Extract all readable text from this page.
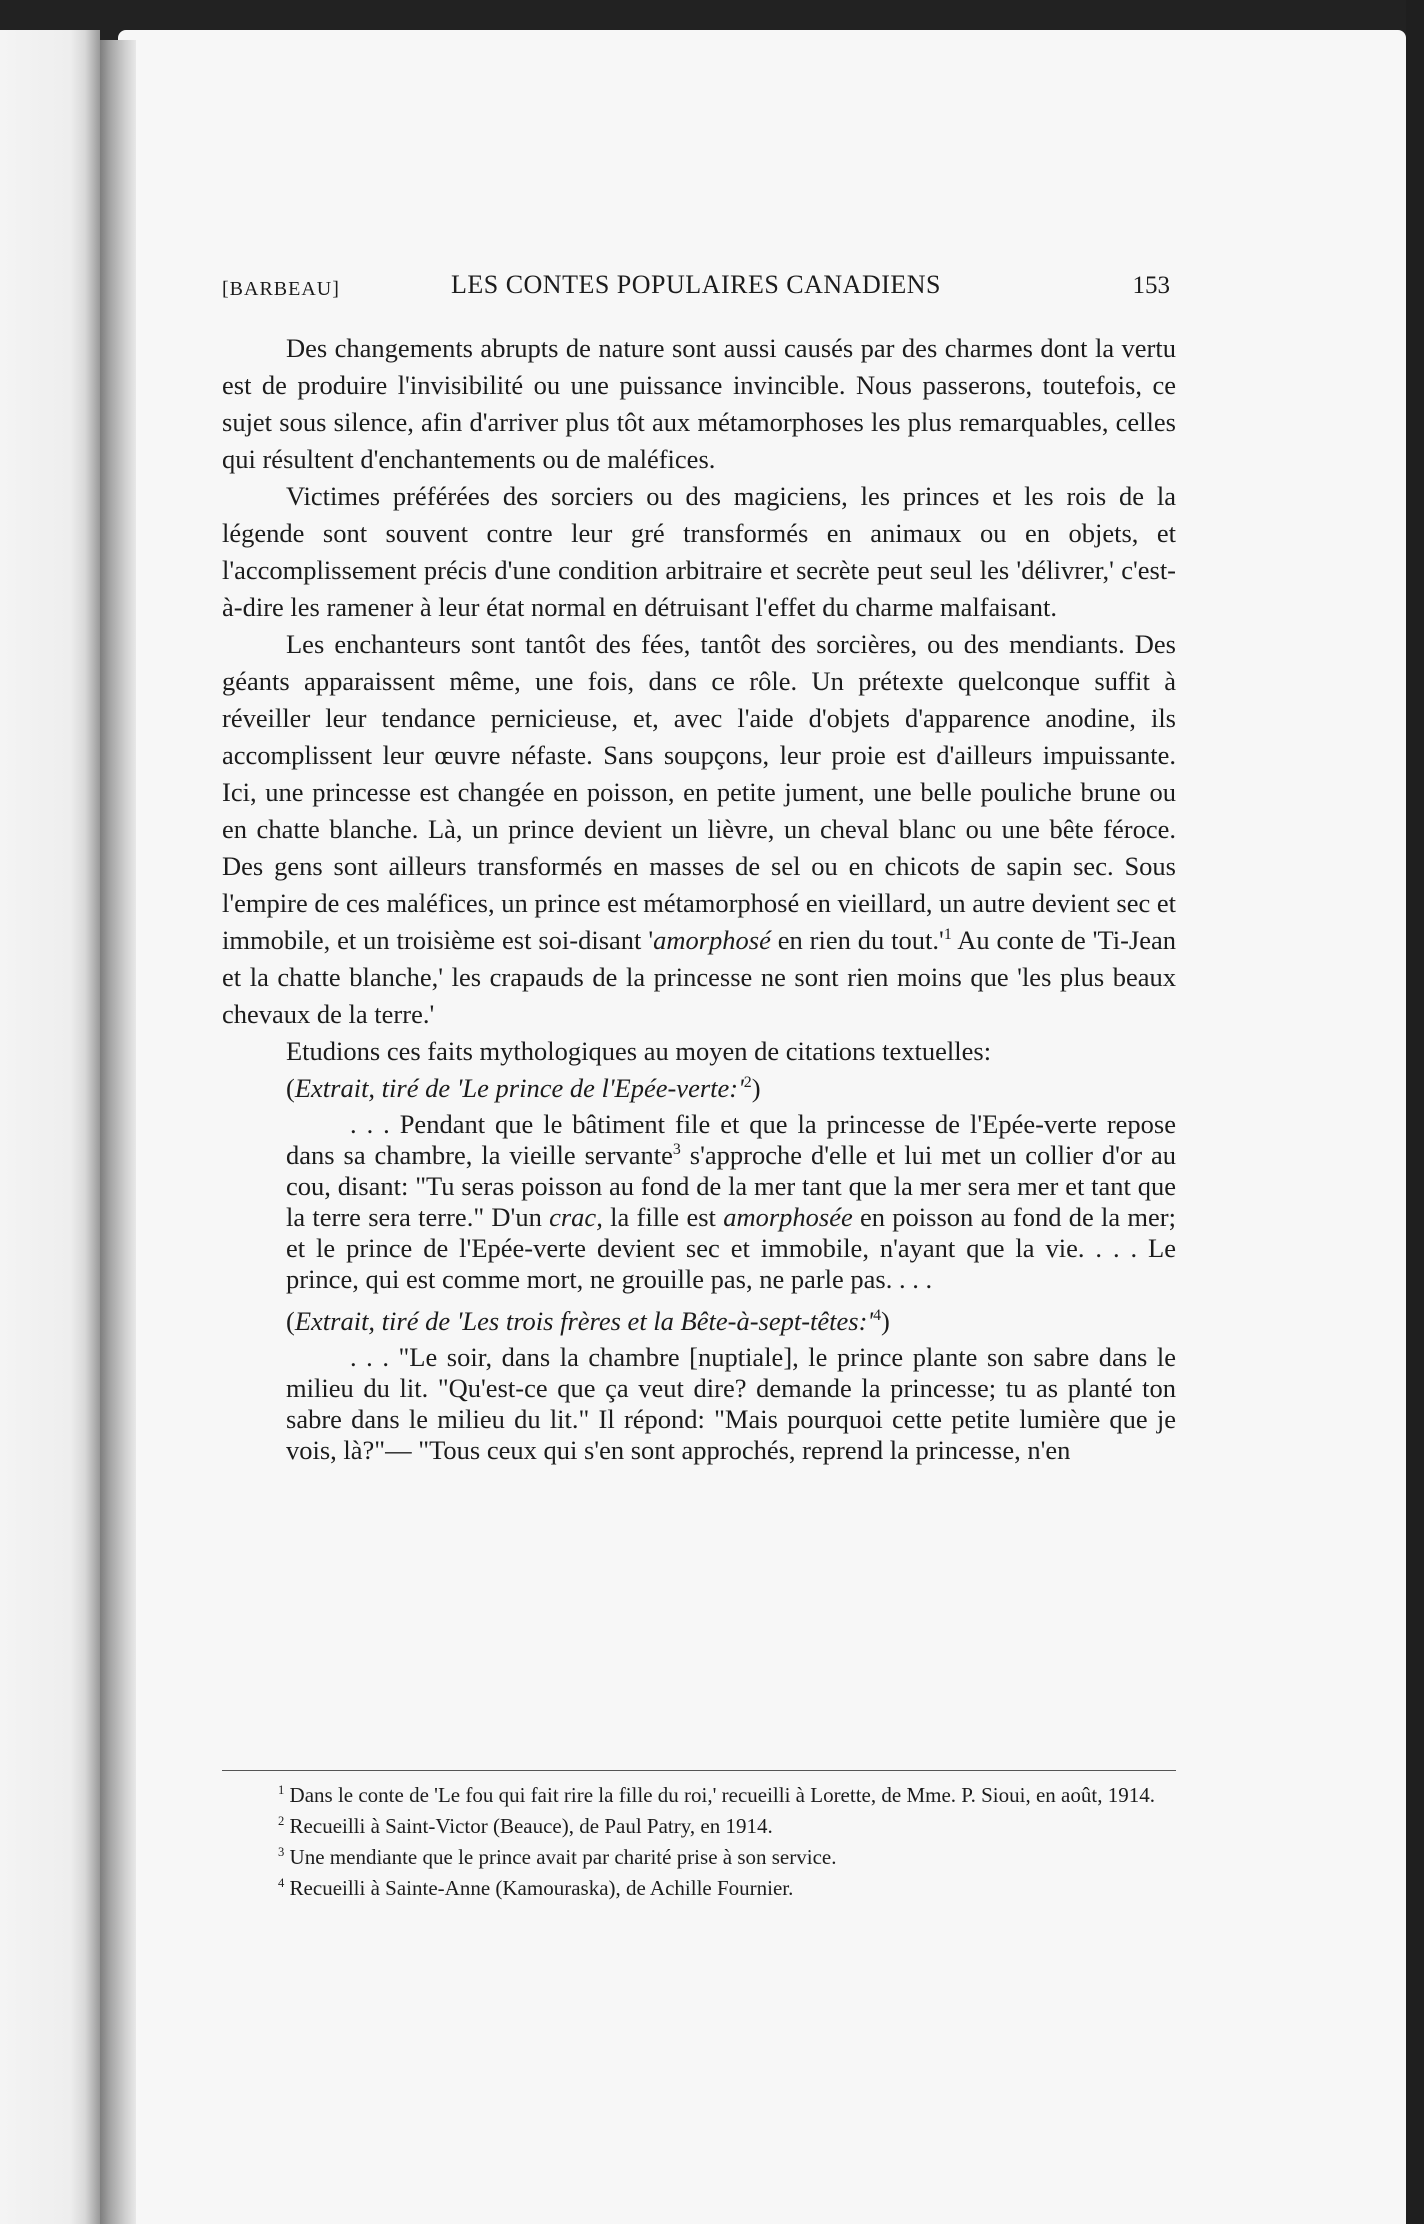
[BARBEAU]	LES CONTES POPULAIRES CANADIENS	153

Des changements abrupts de nature sont aussi causés par des charmes dont la vertu est de produire l'invisibilité ou une puissance invincible. Nous passerons, toutefois, ce sujet sous silence, afin d'arriver plus tôt aux métamorphoses les plus remarquables, celles qui résultent d'enchantements ou de maléfices.

Victimes préférées des sorciers ou des magiciens, les princes et les rois de la légende sont souvent contre leur gré transformés en animaux ou en objets, et l'accomplissement précis d'une condition arbitraire et secrète peut seul les 'délivrer,' c'est-à-dire les ramener à leur état normal en détruisant l'effet du charme malfaisant.

Les enchanteurs sont tantôt des fées, tantôt des sorcières, ou des mendiants. Des géants apparaissent même, une fois, dans ce rôle. Un prétexte quelconque suffit à réveiller leur tendance pernicieuse, et, avec l'aide d'objets d'apparence anodine, ils accomplissent leur œuvre néfaste. Sans soupçons, leur proie est d'ailleurs impuissante. Ici, une princesse est changée en poisson, en petite jument, une belle pouliche brune ou en chatte blanche. Là, un prince devient un lièvre, un cheval blanc ou une bête féroce. Des gens sont ailleurs transformés en masses de sel ou en chicots de sapin sec. Sous l'empire de ces maléfices, un prince est métamorphosé en vieillard, un autre devient sec et immobile, et un troisième est soi-disant 'amorphosé en rien du $tout.'^1$ Au conte de 'Ti-Jean et la chatte blanche,' les crapauds de la princesse ne sont rien moins que 'les plus beaux chevaux de la terre.'

Etudions ces faits mythologiques au moyen de citations textuelles:

(Extrait, tiré de 'Le prince de $l'Epée-verte:'^2$)
. . . Pendant que le bâtiment file et que la princesse de l'Epée-verte repose dans sa chambre, la vieille servante$^3$ s'approche d'elle et lui met un collier d'or au cou, disant: "Tu seras poisson au fond de la mer tant que la mer sera mer et tant que la terre sera terre." D'un crac, la fille est amorphosée en poisson au fond de la mer; et le prince de l'Epée-verte devient sec et immobile, n'ayant que la vie. . . . Le prince, qui est comme mort, ne grouille pas, ne parle pas. . . .
(Extrait, tiré de 'Les trois frères et la Bête-$à-sept-têtes:'^4$)
. . . "Le soir, dans la chambre [nuptiale], le prince plante son sabre dans le milieu du lit. "Qu'est-ce que ça veut dire? demande la princesse; tu as planté ton sabre dans le milieu du lit." Il répond: "Mais pourquoi cette petite lumière que je vois, là?"— "Tous ceux qui s'en sont approchés, reprend la princesse, n'en

$^1$ Dans le conte de 'Le fou qui fait rire la fille du roi,' recueilli à Lorette, de Mme. P. Sioui, en août, 1914.

$^2$ Recueilli à Saint-Victor (Beauce), de Paul Patry, en 1914.

$^3$ Une mendiante que le prince avait par charité prise à son service.

$^4$ Recueilli à Sainte-Anne (Kamouraska), de Achille Fournier.
